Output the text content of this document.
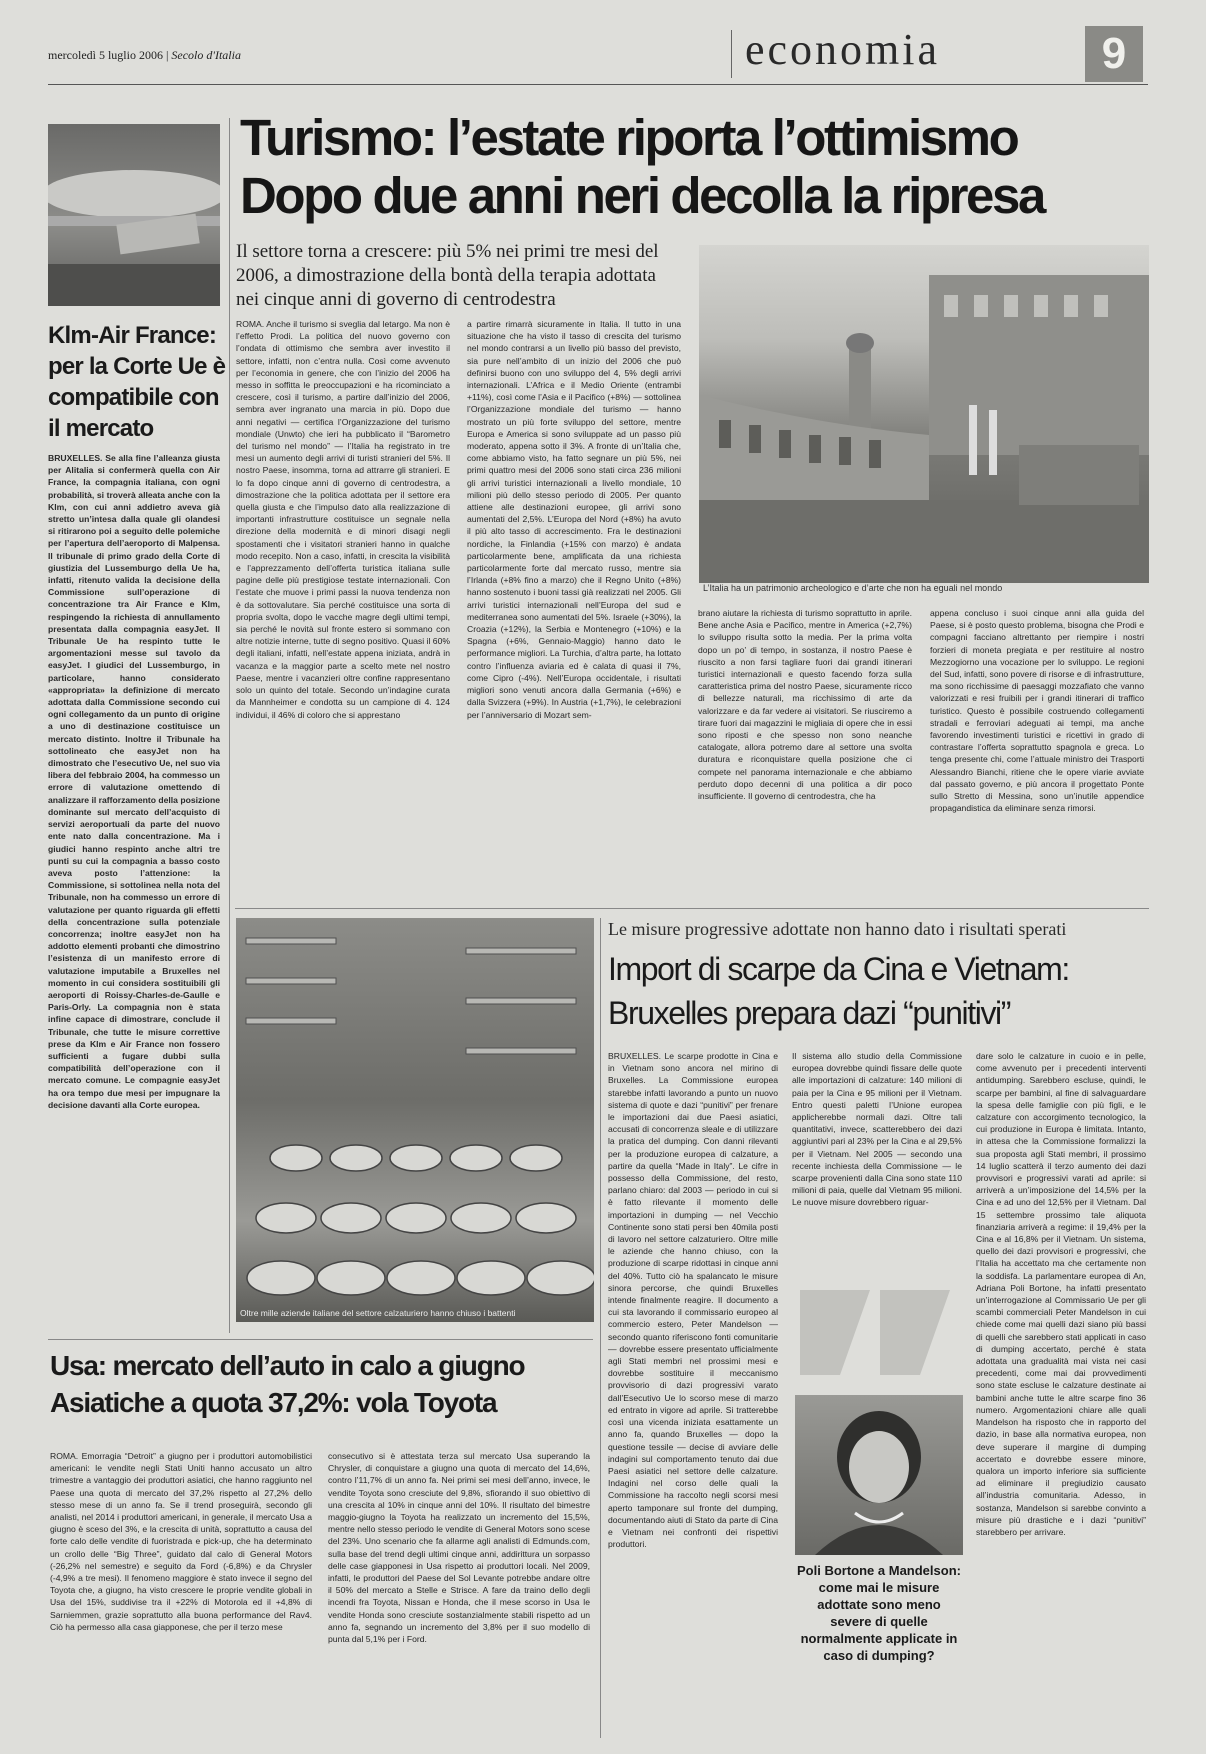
mercoledì 5 luglio 2006 | Secolo d'Italia	economia	9
Turismo: l’estate riporta l’ottimismo
Dopo due anni neri decolla la ripresa
Il settore torna a crescere: più 5% nei primi tre mesi del 2006, a dimostrazione della bontà della terapia adottata nei cinque anni di governo di centrodestra
L’Italia ha un patrimonio archeologico e d’arte che non ha eguali nel mondo
ROMA. Anche il turismo si sveglia dal letargo. Ma non è l’effetto Prodi. La politica del nuovo governo con l’ondata di ottimismo che sembra aver investito il settore, infatti, non c’entra nulla. Così come avvenuto per l’economia in genere, che con l’inizio del 2006 ha messo in soffitta le preoccupazioni e ha ricominciato a crescere, così il turismo, a partire dall’inizio del 2006, sembra aver ingranato una marcia in più. Dopo due anni negativi — certifica l’Organizzazione del turismo mondiale (Unwto) che ieri ha pubblicato il “Barometro del turismo nel mondo” — l’Italia ha registrato in tre mesi un aumento degli arrivi di turisti stranieri del 5%. Il nostro Paese, insomma, torna ad attrarre gli stranieri. E lo fa dopo cinque anni di governo di centrodestra, a dimostrazione che la politica adottata per il settore era quella giusta e che l’impulso dato alla realizzazione di importanti infrastrutture costituisce un segnale nella direzione della modernità e di minori disagi negli spostamenti che i visitatori stranieri hanno in qualche modo recepito. Non a caso, infatti, in crescita la visibilità e l’apprezzamento dell’offerta turistica italiana sulle pagine delle più prestigiose testate internazionali. Con l’estate che muove i primi passi la nuova tendenza non è da sottovalutare. Sia perché costituisce una sorta di propria svolta, dopo le vacche magre degli ultimi tempi, sia perché le novità sul fronte estero si sommano con altre notizie interne, tutte di segno positivo. Quasi il 60% degli italiani, infatti, nell’estate appena iniziata, andrà in vacanza e la maggior parte a scelto mete nel nostro Paese, mentre i vacanzieri oltre confine rappresentano solo un quinto del totale. Secondo un’indagine curata da Mannheimer e condotta su un campione di 4. 124 individui, il 46% di coloro che si apprestano
a partire rimarrà sicuramente in Italia. Il tutto in una situazione che ha visto il tasso di crescita del turismo nel mondo contrarsi a un livello più basso del previsto, sia pure nell’ambito di un inizio del 2006 che può definirsi buono con uno sviluppo del 4, 5% degli arrivi internazionali. L’Africa e il Medio Oriente (entrambi +11%), così come l’Asia e il Pacifico (+8%) — sottolinea l’Organizzazione mondiale del turismo — hanno mostrato un più forte sviluppo del settore, mentre Europa e America si sono sviluppate ad un passo più moderato, appena sotto il 3%. A fronte di un’Italia che, come abbiamo visto, ha fatto segnare un più 5%, nei primi quattro mesi del 2006 sono stati circa 236 milioni gli arrivi turistici internazionali a livello mondiale, 10 milioni più dello stesso periodo di 2005. Per quanto attiene alle destinazioni europee, gli arrivi sono aumentati del 2,5%. L’Europa del Nord (+8%) ha avuto il più alto tasso di accrescimento. Fra le destinazioni nordiche, la Finlandia (+15% con marzo) è andata particolarmente bene, amplificata da una richiesta particolarmente forte dal mercato russo, mentre sia l’Irlanda (+8% fino a marzo) che il Regno Unito (+8%) hanno sostenuto i buoni tassi già realizzati nel 2005. Gli arrivi turistici internazionali nell’Europa del sud e mediterranea sono aumentati del 5%. Israele (+30%), la Croazia (+12%), la Serbia e Montenegro (+10%) e la Spagna (+6%, Gennaio-Maggio) hanno dato le performance migliori. La Turchia, d’altra parte, ha lottato contro l’influenza aviaria ed è calata di quasi il 7%, come Cipro (-4%). Nell’Europa occidentale, i risultati migliori sono venuti ancora dalla Germania (+6%) e dalla Svizzera (+9%). In Austria (+1,7%), le celebrazioni per l’anniversario di Mozart sem-
brano aiutare la richiesta di turismo soprattutto in aprile. Bene anche Asia e Pacifico, mentre in America (+2,7%) lo sviluppo risulta sotto la media. Per la prima volta dopo un po’ di tempo, in sostanza, il nostro Paese è riuscito a non farsi tagliare fuori dai grandi itinerari turistici internazionali e questo facendo forza sulla caratteristica prima del nostro Paese, sicuramente ricco di bellezze naturali, ma ricchissimo di arte da valorizzare e da far vedere ai visitatori. Se riusciremo a tirare fuori dai magazzini le migliaia di opere che in essi sono riposti e che spesso non sono neanche catalogate, allora potremo dare al settore una svolta duratura e riconquistare quella posizione che ci compete nel panorama internazionale e che abbiamo perduto dopo decenni di una politica a dir poco insufficiente. Il governo di centrodestra, che ha
appena concluso i suoi cinque anni alla guida del Paese, si è posto questo problema, bisogna che Prodi e compagni facciano altrettanto per riempire i nostri forzieri di moneta pregiata e per restituire al nostro Mezzogiorno una vocazione per lo sviluppo. Le regioni del Sud, infatti, sono povere di risorse e di infrastrutture, ma sono ricchissime di paesaggi mozzafiato che vanno valorizzati e resi fruibili per i grandi itinerari di traffico turistico. Questo è possibile costruendo collegamenti stradali e ferroviari adeguati ai tempi, ma anche favorendo investimenti turistici e ricettivi in grado di contrastare l’offerta soprattutto spagnola e greca. Lo tenga presente chi, come l’attuale ministro dei Trasporti Alessandro Bianchi, ritiene che le opere viarie avviate dal passato governo, e più ancora il progettato Ponte sullo Stretto di Messina, sono un’inutile appendice propagandistica da eliminare senza rimorsi.
Klm-Air France: per la Corte Ue è compatibile con il mercato
BRUXELLES. Se alla fine l’alleanza giusta per Alitalia si confermerà quella con Air France, la compagnia italiana, con ogni probabilità, si troverà alleata anche con la Klm, con cui anni addietro aveva già stretto un’intesa dalla quale gli olandesi si ritirarono poi a seguito delle polemiche per l’apertura dell’aeroporto di Malpensa. Il tribunale di primo grado della Corte di giustizia del Lussemburgo della Ue ha, infatti, ritenuto valida la decisione della Commissione sull’operazione di concentrazione tra Air France e Klm, respingendo la richiesta di annullamento presentata dalla compagnia easyJet. Il Tribunale Ue ha respinto tutte le argomentazioni messe sul tavolo da easyJet. I giudici del Lussemburgo, in particolare, hanno considerato «appropriata» la definizione di mercato adottata dalla Commissione secondo cui ogni collegamento da un punto di origine a uno di destinazione costituisce un mercato distinto. Inoltre il Tribunale ha sottolineato che easyJet non ha dimostrato che l’esecutivo Ue, nel suo via libera del febbraio 2004, ha commesso un errore di valutazione omettendo di analizzare il rafforzamento della posizione dominante sul mercato dell’acquisto di servizi aeroportuali da parte del nuovo ente nato dalla concentrazione. Ma i giudici hanno respinto anche altri tre punti su cui la compagnia a basso costo aveva posto l’attenzione: la Commissione, si sottolinea nella nota del Tribunale, non ha commesso un errore di valutazione per quanto riguarda gli effetti della concentrazione sulla potenziale concorrenza; inoltre easyJet non ha addotto elementi probanti che dimostrino l’esistenza di un manifesto errore di valutazione imputabile a Bruxelles nel momento in cui considera sostituibili gli aeroporti di Roissy-Charles-de-Gaulle e Paris-Orly. La compagnia non è stata infine capace di dimostrare, conclude il Tribunale, che tutte le misure correttive prese da Klm e Air France non fossero sufficienti a fugare dubbi sulla compatibilità dell’operazione con il mercato comune. Le compagnie easyJet ha ora tempo due mesi per impugnare la decisione davanti alla Corte europea.
Oltre mille aziende italiane del settore calzaturiero hanno chiuso i battenti
Le misure progressive adottate non hanno dato i risultati sperati
Import di scarpe da Cina e Vietnam: Bruxelles prepara dazi “punitivi”
BRUXELLES. Le scarpe prodotte in Cina e in Vietnam sono ancora nel mirino di Bruxelles. La Commissione europea starebbe infatti lavorando a punto un nuovo sistema di quote e dazi “punitivi” per frenare le importazioni dai due Paesi asiatici, accusati di concorrenza sleale e di utilizzare la pratica del dumping. Con danni rilevanti per la produzione europea di calzature, a partire da quella “Made in Italy”. Le cifre in possesso della Commissione, del resto, parlano chiaro: dal 2003 — periodo in cui si è fatto rilevante il momento delle importazioni in dumping — nel Vecchio Continente sono stati persi ben 40mila posti di lavoro nel settore calzaturiero. Oltre mille le aziende che hanno chiuso, con la produzione di scarpe ridottasi in cinque anni del 40%. Tutto ciò ha spalancato le misure sinora percorse, che quindi Bruxelles intende finalmente reagire. Il documento a cui sta lavorando il commissario europeo al commercio estero, Peter Mandelson — secondo quanto riferiscono fonti comunitarie — dovrebbe essere presentato ufficialmente agli Stati membri nel prossimi mesi e dovrebbe sostituire il meccanismo provvisorio di dazi progressivi varato dall’Esecutivo Ue lo scorso mese di marzo ed entrato in vigore ad aprile. Si tratterebbe così una vicenda iniziata esattamente un anno fa, quando Bruxelles — dopo la questione tessile — decise di avviare delle indagini sul comportamento tenuto dai due Paesi asiatici nel settore delle calzature. Indagini nel corso delle quali la Commissione ha raccolto negli scorsi mesi aperto tamponare sul fronte del dumping, documentando aiuti di Stato da parte di Cina e Vietnam nei confronti dei rispettivi produttori.
Il sistema allo studio della Commissione europea dovrebbe quindi fissare delle quote alle importazioni di calzature: 140 milioni di paia per la Cina e 95 milioni per il Vietnam. Entro questi paletti l’Unione europea applicherebbe normali dazi. Oltre tali quantitativi, invece, scatterebbero dei dazi aggiuntivi pari al 23% per la Cina e al 29,5% per il Vietnam. Nel 2005 — secondo una recente inchiesta della Commissione — le scarpe provenienti dalla Cina sono state 110 milioni di paia, quelle dal Vietnam 95 milioni. Le nuove misure dovrebbero riguar-
dare solo le calzature in cuoio e in pelle, come avvenuto per i precedenti interventi antidumping. Sarebbero escluse, quindi, le scarpe per bambini, al fine di salvaguardare la spesa delle famiglie con più figli, e le calzature con accorgimento tecnologico, la cui produzione in Europa è limitata. Intanto, in attesa che la Commissione formalizzi la sua proposta agli Stati membri, il prossimo 14 luglio scatterà il terzo aumento dei dazi provvisori e progressivi varati ad aprile: si arriverà a un’imposizione del 14,5% per la Cina e ad uno del 12,5% per il Vietnam. Dal 15 settembre prossimo tale aliquota finanziaria arriverà a regime: il 19,4% per la Cina e al 16,8% per il Vietnam. Un sistema, quello dei dazi provvisori e progressivi, che l’Italia ha accettato ma che certamente non la soddisfa. La parlamentare europea di An, Adriana Poli Bortone, ha infatti presentato un’interrogazione al Commissario Ue per gli scambi commerciali Peter Mandelson in cui chiede come mai quelli dazi siano più bassi di quelli che sarebbero stati applicati in caso di dumping accertato, perché è stata adottata una gradualità mai vista nei casi precedenti, come mai dai provvedimenti sono state escluse le calzature destinate ai bambini anche tutte le altre scarpe fino 36 numero. Argomentazioni chiare alle quali Mandelson ha risposto che in rapporto del dazio, in base alla normativa europea, non deve superare il margine di dumping accertato e dovrebbe essere minore, qualora un importo inferiore sia sufficiente ad eliminare il pregiudizio causato all’industria comunitaria. Adesso, in sostanza, Mandelson si sarebbe convinto a misure più drastiche e i dazi “punitivi” starebbero per arrivare.
Poli Bortone a Mandelson: come mai le misure adottate sono meno severe di quelle normalmente applicate in caso di dumping?
Usa: mercato dell’auto in calo a giugno
Asiatiche a quota 37,2%: vola Toyota
ROMA. Emorragia “Detroit” a giugno per i produttori automobilistici americani: le vendite negli Stati Uniti hanno accusato un altro trimestre a vantaggio dei produttori asiatici, che hanno raggiunto nel Paese una quota di mercato del 37,2% rispetto al 27,2% dello stesso mese di un anno fa. Se il trend proseguirà, secondo gli analisti, nel 2014 i produttori americani, in generale, il mercato Usa a giugno è sceso del 3%, e la crescita di unità, soprattutto a causa del forte calo delle vendite di fuoristrada e pick-up, che ha determinato un crollo delle “Big Three”, guidato dal calo di General Motors (-26,2% nel semestre) e seguito da Ford (-6,8%) e da Chrysler (-4,9% a tre mesi). Il fenomeno maggiore è stato invece il segno del Toyota che, a giugno, ha visto crescere le proprie vendite globali in Usa del 15%, suddivise tra il +22% di Motorola ed il +4,8% di Sarniemmen, grazie soprattutto alla buona performance del Rav4. Ciò ha permesso alla casa giapponese, che per il terzo mese
consecutivo si è attestata terza sul mercato Usa superando la Chrysler, di conquistare a giugno una quota di mercato del 14,6%, contro l’11,7% di un anno fa. Nei primi sei mesi dell’anno, invece, le vendite Toyota sono cresciute del 9,8%, sfiorando il suo obiettivo di una crescita al 10% in cinque anni del 10%. Il risultato del bimestre maggio-giugno la Toyota ha realizzato un incremento del 15,5%, mentre nello stesso periodo le vendite di General Motors sono scese del 23%. Uno scenario che fa allarme agli analisti di Edmunds.com, sulla base del trend degli ultimi cinque anni, addirittura un sorpasso delle case giapponesi in Usa rispetto ai produttori locali. Nel 2009, infatti, le produttori del Paese del Sol Levante potrebbe andare oltre il 50% del mercato a Stelle e Strisce. A fare da traino dello degli incendi fra Toyota, Nissan e Honda, che il mese scorso in Usa le vendite Honda sono cresciute sostanzialmente stabili rispetto ad un anno fa, segnando un incremento del 3,8% per il suo modello di punta dal 5,1% per i Ford.
